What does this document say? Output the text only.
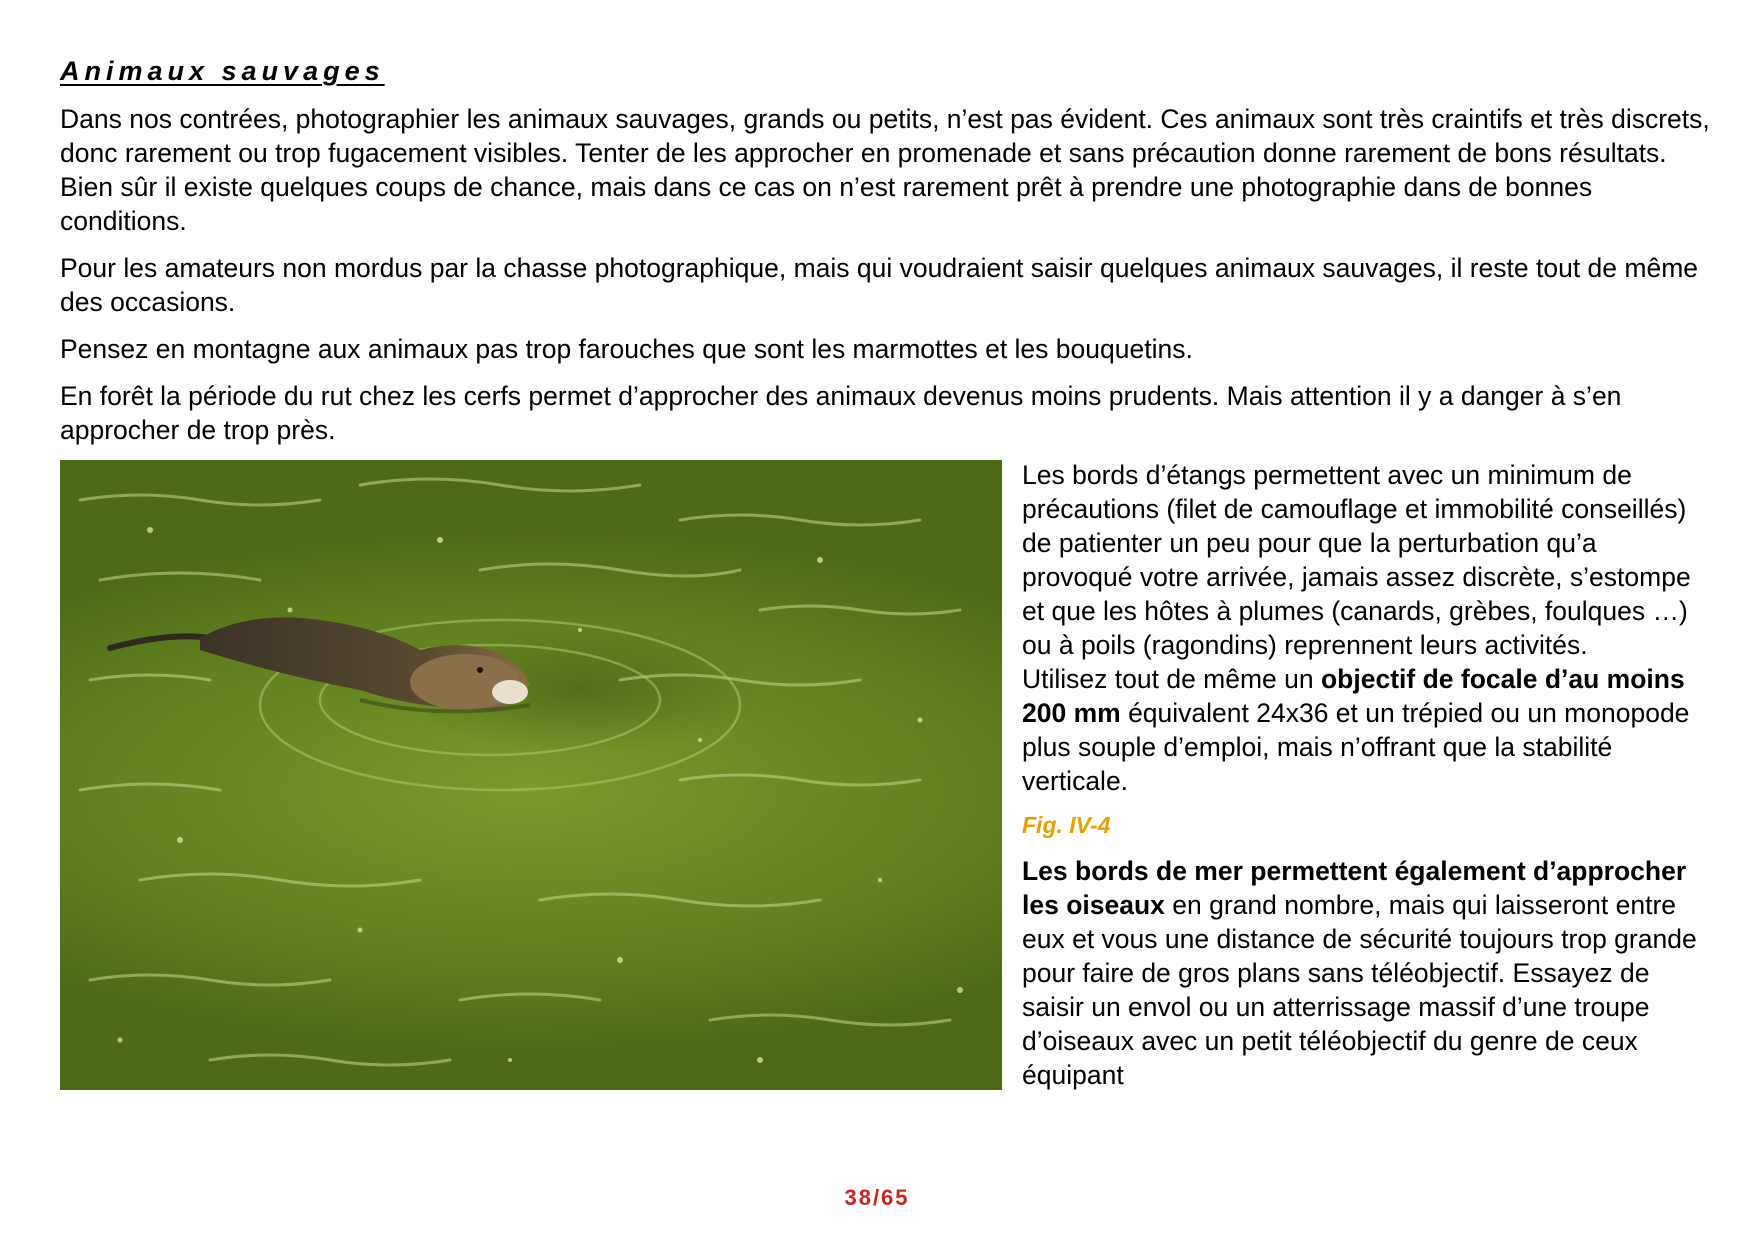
Animaux sauvages

Dans nos contrées, photographier les animaux sauvages, grands ou petits, n’est pas évident. Ces animaux sont très craintifs et très discrets, donc rarement ou trop fugacement visibles. Tenter de les approcher en promenade et sans précaution donne rarement de bons résultats. Bien sûr il existe quelques coups de chance, mais dans ce cas on n’est rarement prêt à prendre une photographie dans de bonnes conditions.

Pour les amateurs non mordus par la chasse photographique, mais qui voudraient saisir quelques animaux sauvages, il reste tout de même des occasions.

Pensez en montagne aux animaux pas trop farouches que sont les marmottes et les bouquetins.

En forêt la période du rut chez les cerfs permet d’approcher des animaux devenus moins prudents. Mais attention il y a danger à s’en approcher de trop près.

Les bords d’étangs permettent avec un minimum de précautions (filet de camouflage et immobilité conseillés) de patienter un peu pour que la perturbation qu’a provoqué votre arrivée, jamais assez discrète, s’estompe et que les hôtes à plumes (canards, grèbes, foulques …) ou à poils (ragondins) reprennent leurs activités.

Utilisez tout de même un objectif de focale d’au moins 200 mm équivalent 24x36 et un trépied ou un monopode plus souple d’emploi, mais n’offrant que la stabilité verticale.

Fig. IV-4

Les bords de mer permettent également d’approcher les oiseaux en grand nombre, mais qui laisseront entre eux et vous une distance de sécurité toujours trop grande pour faire de gros plans sans téléobjectif. Essayez de saisir un envol ou un atterrissage massif d’une troupe d’oiseaux avec un petit téléobjectif du genre de ceux équipant

38/65
